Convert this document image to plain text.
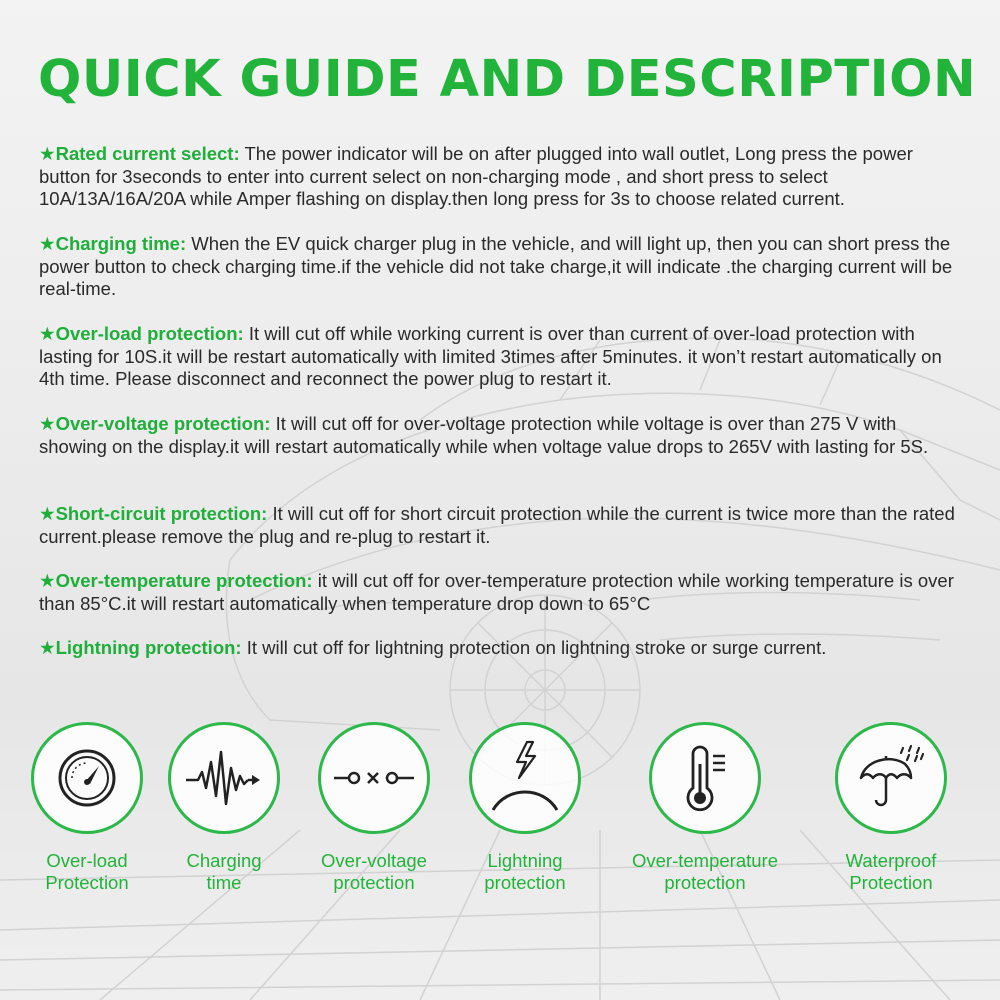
QUICK GUIDE AND DESCRIPTION
★Rated current select: The power indicator will be on after plugged into wall outlet, Long press the power button for 3seconds to enter into current select on non-charging mode , and short press to select 10A/13A/16A/20A while Amper flashing on display.then long press for 3s to choose related current.
★Charging time: When the EV quick charger plug in the vehicle, and will light up, then you can short press the power button to check charging time.if the vehicle did not take charge,it will indicate .the charging current will be real-time.
★Over-load protection: It will cut off while working current is over than current of over-load protection with lasting for 10S.it will be restart automatically with limited 3times after 5minutes. it won’t restart automatically on 4th time. Please disconnect and reconnect the power plug to restart it.
★Over-voltage protection: It will cut off for over-voltage protection while voltage is over than 275 V with showing on the display.it will restart automatically while when voltage value drops to 265V with lasting for 5S.
★Short-circuit protection: It will cut off for short circuit protection while the current is twice more than the rated current.please remove the plug and re-plug to restart it.
★Over-temperature protection: it will cut off for over-temperature protection while working temperature is over than 85°C.it will restart automatically when temperature drop down to 65°C
★Lightning protection: It will cut off for lightning protection on lightning stroke or surge current.
Over-load
Protection
Charging
time
Over-voltage
protection
Lightning
protection
Over-temperature
protection
Waterproof
Protection
